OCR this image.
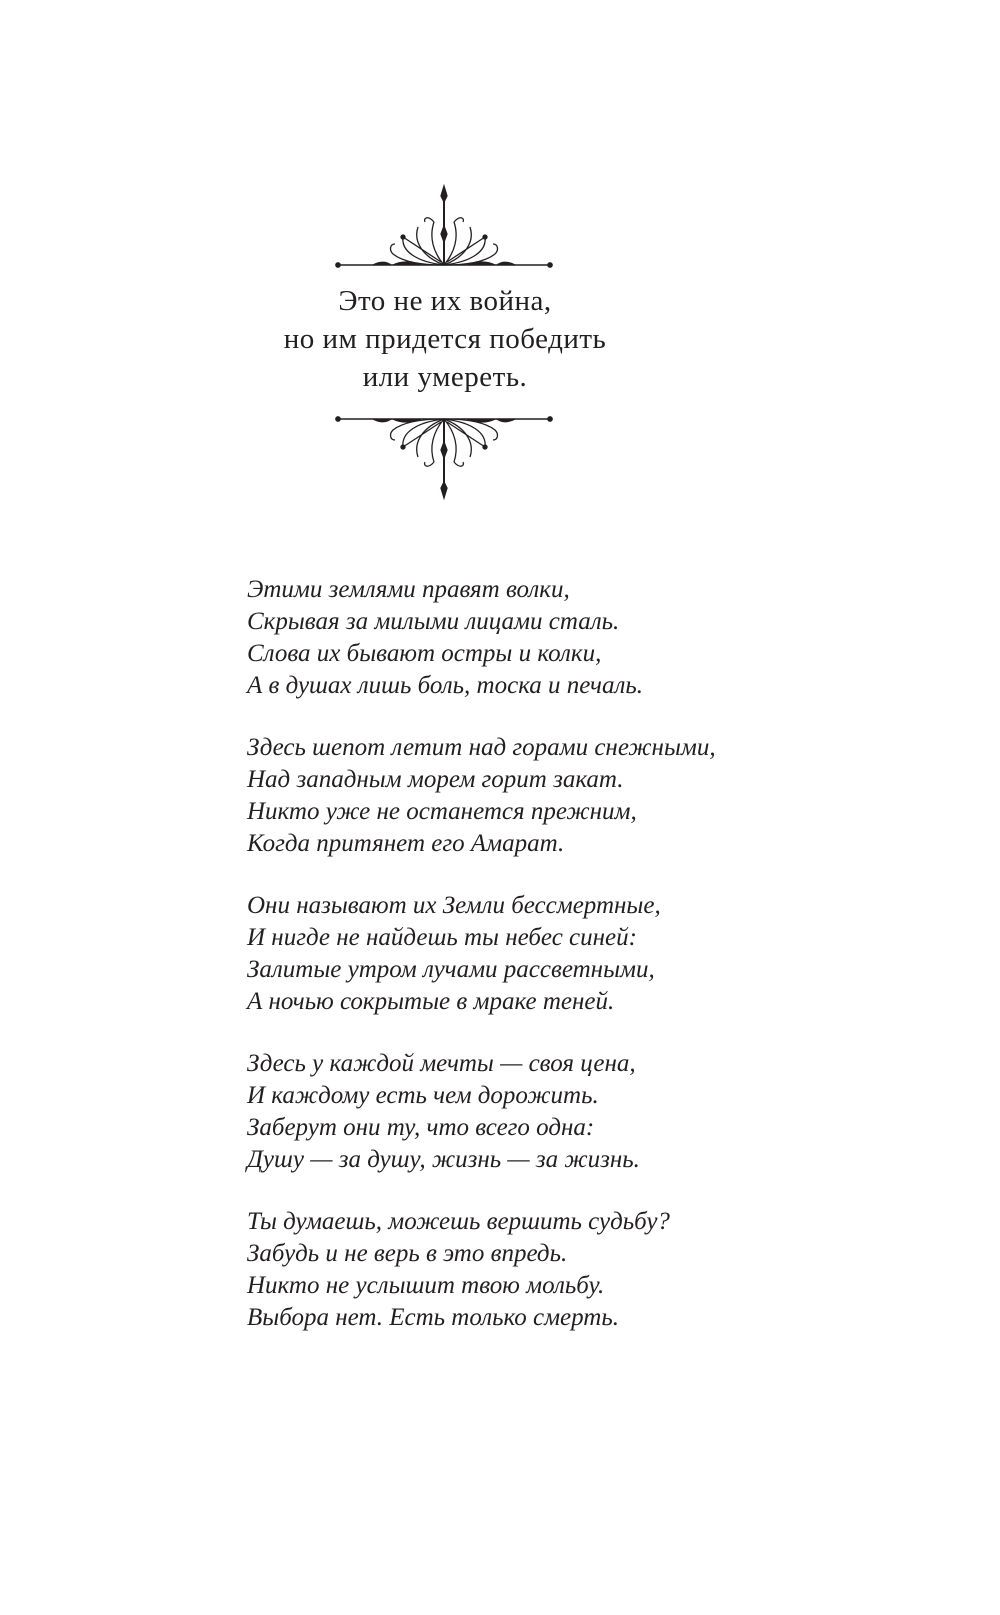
Это не их война,
но им придется победить
или умереть.
Этими землями правят волки,
Скрывая за милыми лицами сталь.
Слова их бывают остры и колки,
А в душах лишь боль, тоска и печаль.
Здесь шепот летит над горами снежными,
Над западным морем горит закат.
Никто уже не останется прежним,
Когда притянет его Амарат.
Они называют их Земли бессмертные,
И нигде не найдешь ты небес синей:
Залитые утром лучами рассветными,
А ночью сокрытые в мраке теней.
Здесь у каждой мечты — своя цена,
И каждому есть чем дорожить.
Заберут они ту, что всего одна:
Душу — за душу, жизнь — за жизнь.
Ты думаешь, можешь вершить судьбу?
Забудь и не верь в это впредь.
Никто не услышит твою мольбу.
Выбора нет. Есть только смерть.
